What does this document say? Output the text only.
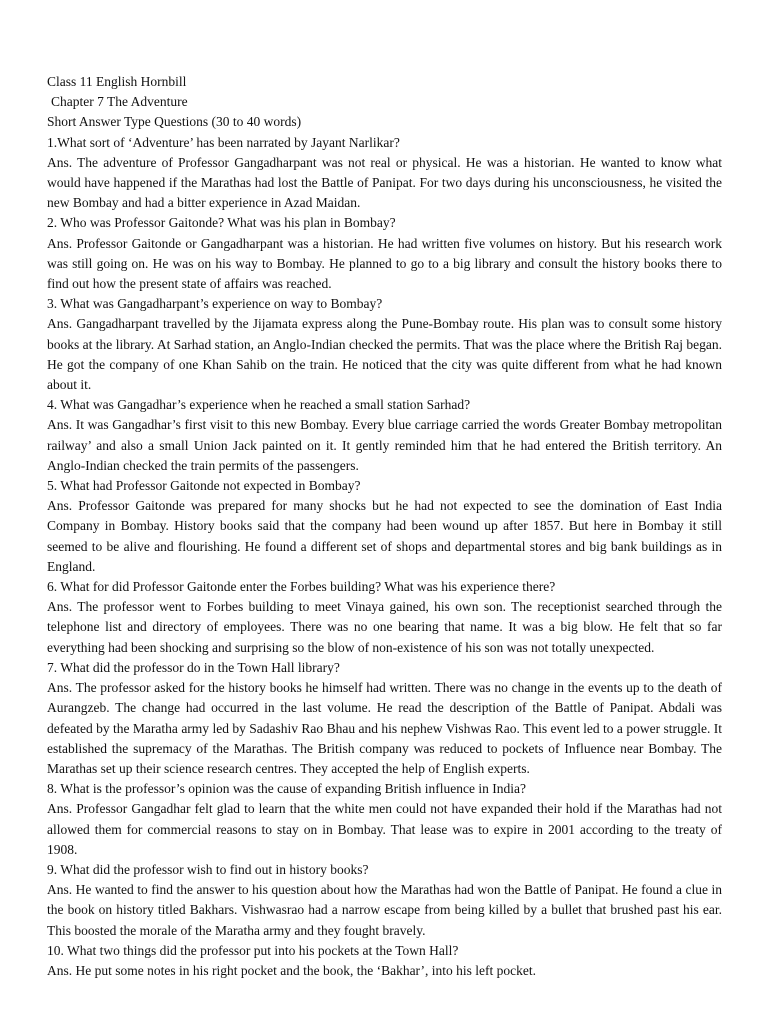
Class 11 English Hornbill

Chapter 7 The Adventure

Short Answer Type Questions (30 to 40 words)

1.What sort of ‘Adventure’ has been narrated by Jayant Narlikar?

Ans. The adventure of Professor Gangadharpant was not real or physical. He was a historian. He wanted to know what would have happened if the Marathas had lost the Battle of Panipat. For two days during his unconsciousness, he visited the new Bombay and had a bitter experience in Azad Maidan.

2. Who was Professor Gaitonde? What was his plan in Bombay?

Ans. Professor Gaitonde or Gangadharpant was a historian. He had written five volumes on history. But his research work was still going on. He was on his way to Bombay. He planned to go to a big library and consult the history books there to find out how the present state of affairs was reached.

3. What was Gangadharpant’s experience on way to Bombay?

Ans. Gangadharpant travelled by the Jijamata express along the Pune-Bombay route. His plan was to consult some history books at the library. At Sarhad station, an Anglo-Indian checked the permits. That was the place where the British Raj began. He got the company of one Khan Sahib on the train. He noticed that the city was quite different from what he had known about it.

4. What was Gangadhar’s experience when he reached a small station Sarhad?

Ans. It was Gangadhar’s first visit to this new Bombay. Every blue carriage carried the words Greater Bombay metropolitan railway’ and also a small Union Jack painted on it. It gently reminded him that he had entered the British territory. An Anglo-Indian checked the train permits of the passengers.

5. What had Professor Gaitonde not expected in Bombay?

Ans. Professor Gaitonde was prepared for many shocks but he had not expected to see the domination of East India Company in Bombay. History books said that the company had been wound up after 1857. But here in Bombay it still seemed to be alive and flourishing. He found a different set of shops and departmental stores and big bank buildings as in England.

6. What for did Professor Gaitonde enter the Forbes building? What was his experience there?

Ans. The professor went to Forbes building to meet Vinaya gained, his own son. The receptionist searched through the telephone list and directory of employees. There was no one bearing that name. It was a big blow. He felt that so far everything had been shocking and surprising so the blow of non-existence of his son was not totally unexpected.

7. What did the professor do in the Town Hall library?

Ans. The professor asked for the history books he himself had written. There was no change in the events up to the death of Aurangzeb. The change had occurred in the last volume. He read the description of the Battle of Panipat. Abdali was defeated by the Maratha army led by Sadashiv Rao Bhau and his nephew Vishwas Rao. This event led to a power struggle. It established the supremacy of the Marathas. The British company was reduced to pockets of Influence near Bombay. The Marathas set up their science research centres. They accepted the help of English experts.

8. What is the professor’s opinion was the cause of expanding British influence in India?

Ans. Professor Gangadhar felt glad to learn that the white men could not have expanded their hold if the Marathas had not allowed them for commercial reasons to stay on in Bombay. That lease was to expire in 2001 according to the treaty of 1908.

9. What did the professor wish to find out in history books?

Ans. He wanted to find the answer to his question about how the Marathas had won the Battle of Panipat. He found a clue in the book on history titled Bakhars. Vishwasrao had a narrow escape from being killed by a bullet that brushed past his ear. This boosted the morale of the Maratha army and they fought bravely.

10. What two things did the professor put into his pockets at the Town Hall?

Ans. He put some notes in his right pocket and the book, the ‘Bakhar’, into his left pocket.
